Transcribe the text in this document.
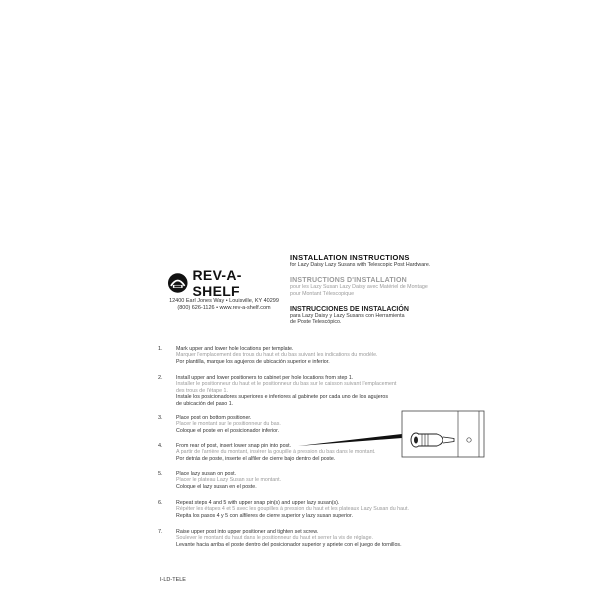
REV-A-SHELF
12400 Earl Jones Way • Louisville, KY 40299
(800) 626-1126 • www.rev-a-shelf.com
INSTALLATION INSTRUCTIONS
for Lazy Daisy Lazy Susans with Telescopic Post Hardware.
INSTRUCTIONS D'INSTALLATION
pour les Lazy Susan Lazy Daisy avec Matériel de Montage
pour Montant Télescopique
INSTRUCCIONES DE INSTALACIÓN
para Lazy Daisy y Lazy Susans con Herramienta
de Poste Telescópico.
1.	Mark upper and lower hole locations per template.
Marquer l'emplacement des trous du haut et du bas suivant les indications du modèle.
Por plantilla, marque los agujeros de ubicación superior e inferior.
2.	Install upper and lower positioners to cabinet per hole locations from step 1.
Installer le positionneur du haut et le positionneur du bas sur le caisson suivant l'emplacement
des trous de l'étape 1.
Instale los posicionadores superiores e inferiores al gabinete por cada uno de los agujeros
de ubicación del paso 1.
3.	Place post on bottom positioner.
Placer le montant sur le positionneur du bas.
Coloque el poste en el posicionador inferior.
4.	From rear of post, insert lower snap pin into post.
A partir de l'arrière du montant, insérer la goupille à pression du bas dans le montant.
Por detrás de poste, inserte el alfiler de cierre bajo dentro del poste.
5.	Place lazy susan on post.
Placer le plateau Lazy Susan sur le montant.
Coloque el lazy susan en el poste.
6.	Repeat steps 4 and 5 with upper snap pin(s) and upper lazy susan(s).
Répéter les étapes 4 et 5 avec les goupilles à pression du haut et les plateaux Lazy Susan du haut.
Repita los pasos 4 y 5 con alfileres de cierre superior y lazy susan superior.
7.	Raise upper post into upper positioner and tighten set screw.
Soulever le montant du haut dans le positionneur du haut et serrer la vis de réglage.
Levante hacia arriba el poste dentro del posicionador superior y apriete con el juego de tornillos.
I-LD-TELE
